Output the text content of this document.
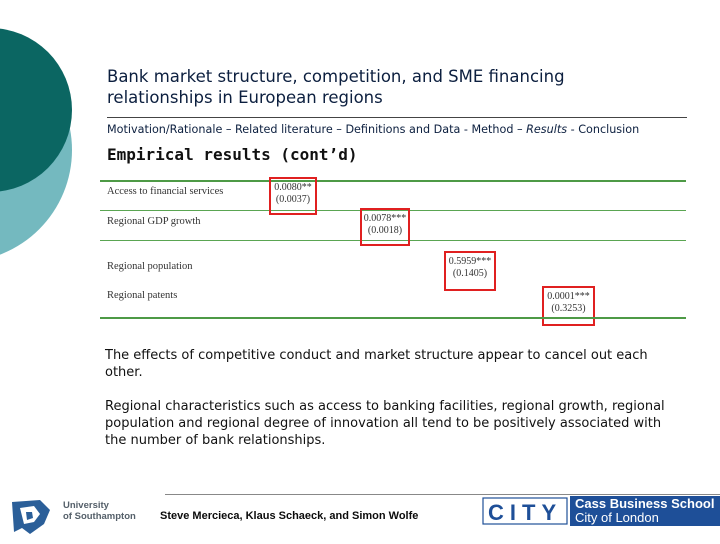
Bank market structure, competition, and SME financing relationships in European regions
Motivation/Rationale – Related literature – Definitions and Data - Method – Results - Conclusion
Empirical results (cont’d)
Access to financial services
Regional GDP growth
Regional population
Regional patents
0.0080**
(0.0037)
0.0078***
(0.0018)
0.5959***
(0.1405)
0.0001***
(0.3253)
The effects of competitive conduct and market structure appear to cancel out each other.
Regional characteristics such as access to banking facilities, regional growth, regional population and regional degree of innovation all tend to be positively associated with the number of bank relationships.
University
of Southampton Steve Mercieca, Klaus Schaeck, and Simon Wolfe	CITY Cass Business School
City of London
